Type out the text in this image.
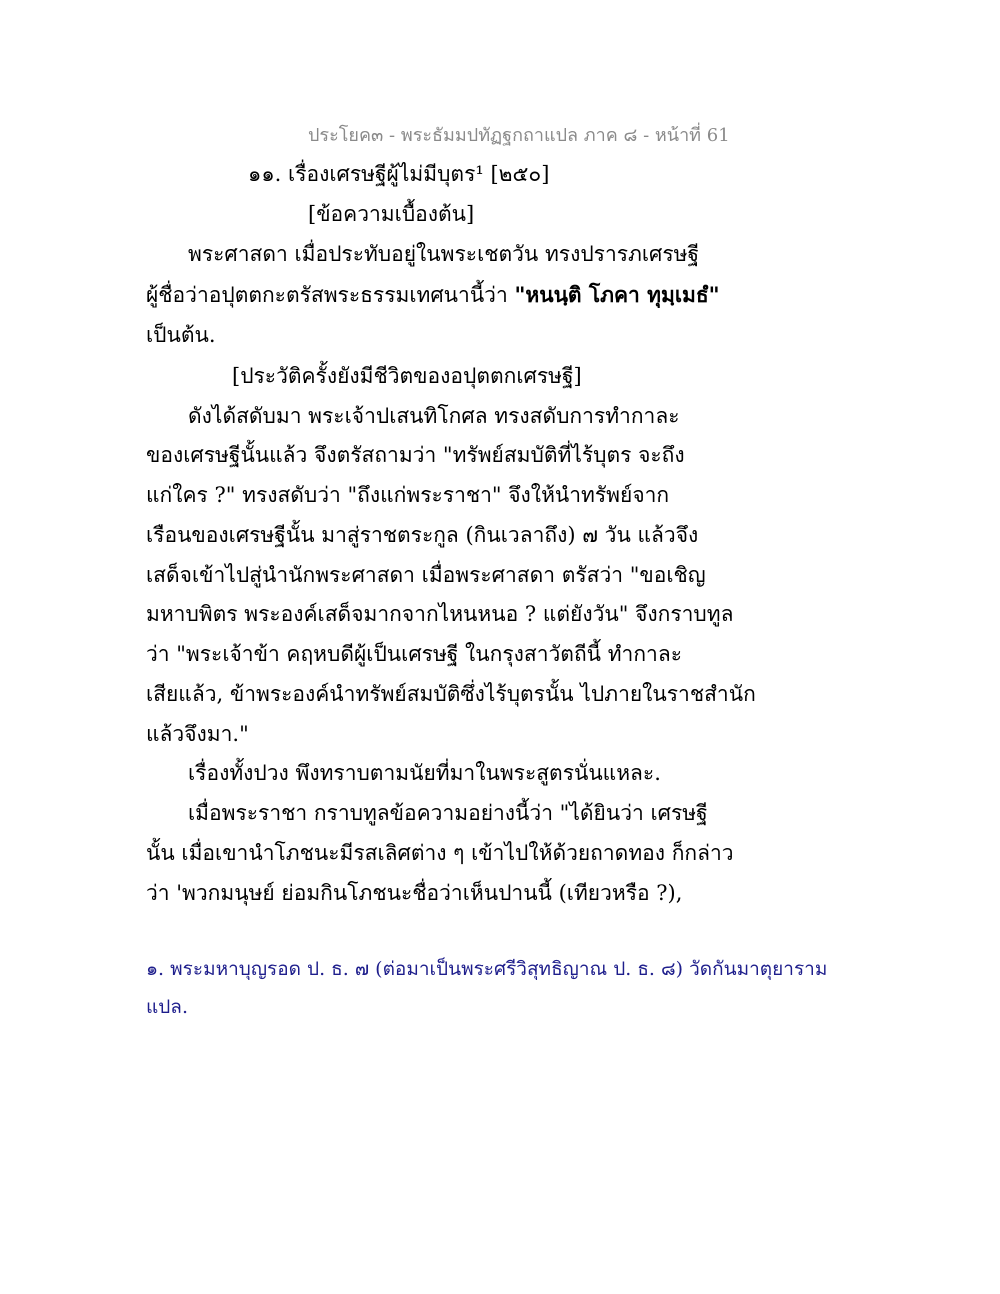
ประโยค๓ - พระธัมมปทัฏฐกถาแปล ภาค ๘ - หน้าที่ 61
๑๑. เรื่องเศรษฐีผู้ไม่มีบุตร¹ [๒๕๐]
[ข้อความเบื้องต้น]
พระศาสดา เมื่อประทับอยู่ในพระเชตวัน ทรงปรารภเศรษฐี
ผู้ชื่อว่าอปุตตกะตรัสพระธรรมเทศนานี้ว่า "หนนฺติ โภคา ทุมฺเมธํ"
เป็นต้น.
[ประวัติครั้งยังมีชีวิตของอปุตตกเศรษฐี]
ดังได้สดับมา พระเจ้าปเสนทิโกศล ทรงสดับการทำกาละ
ของเศรษฐีนั้นแล้ว จึงตรัสถามว่า "ทรัพย์สมบัติที่ไร้บุตร จะถึง
แก่ใคร ?" ทรงสดับว่า "ถึงแก่พระราชา" จึงให้นำทรัพย์จาก
เรือนของเศรษฐีนั้น มาสู่ราชตระกูล (กินเวลาถึง) ๗ วัน แล้วจึง
เสด็จเข้าไปสู่นำนักพระศาสดา เมื่อพระศาสดา ตรัสว่า "ขอเชิญ
มหาบพิตร พระองค์เสด็จมากจากไหนหนอ ? แต่ยังวัน" จึงกราบทูล
ว่า "พระเจ้าข้า คฤหบดีผู้เป็นเศรษฐี ในกรุงสาวัตถีนี้ ทำกาละ
เสียแล้ว, ข้าพระองค์นำทรัพย์สมบัติซึ่งไร้บุตรนั้น ไปภายในราชสำนัก
แล้วจึงมา."
เรื่องทั้งปวง พึงทราบตามนัยที่มาในพระสูตรนั่นแหละ.
เมื่อพระราชา กราบทูลข้อความอย่างนี้ว่า "ได้ยินว่า เศรษฐี
นั้น เมื่อเขานำโภชนะมีรสเลิศต่าง ๆ เข้าไปให้ด้วยถาดทอง ก็กล่าว
ว่า 'พวกมนุษย์ ย่อมกินโภชนะชื่อว่าเห็นปานนี้ (เทียวหรือ ?),
๑. พระมหาบุญรอด ป. ธ. ๗ (ต่อมาเป็นพระศรีวิสุทธิญาณ ป. ธ. ๘) วัดกันมาตุยาราม
แปล.
